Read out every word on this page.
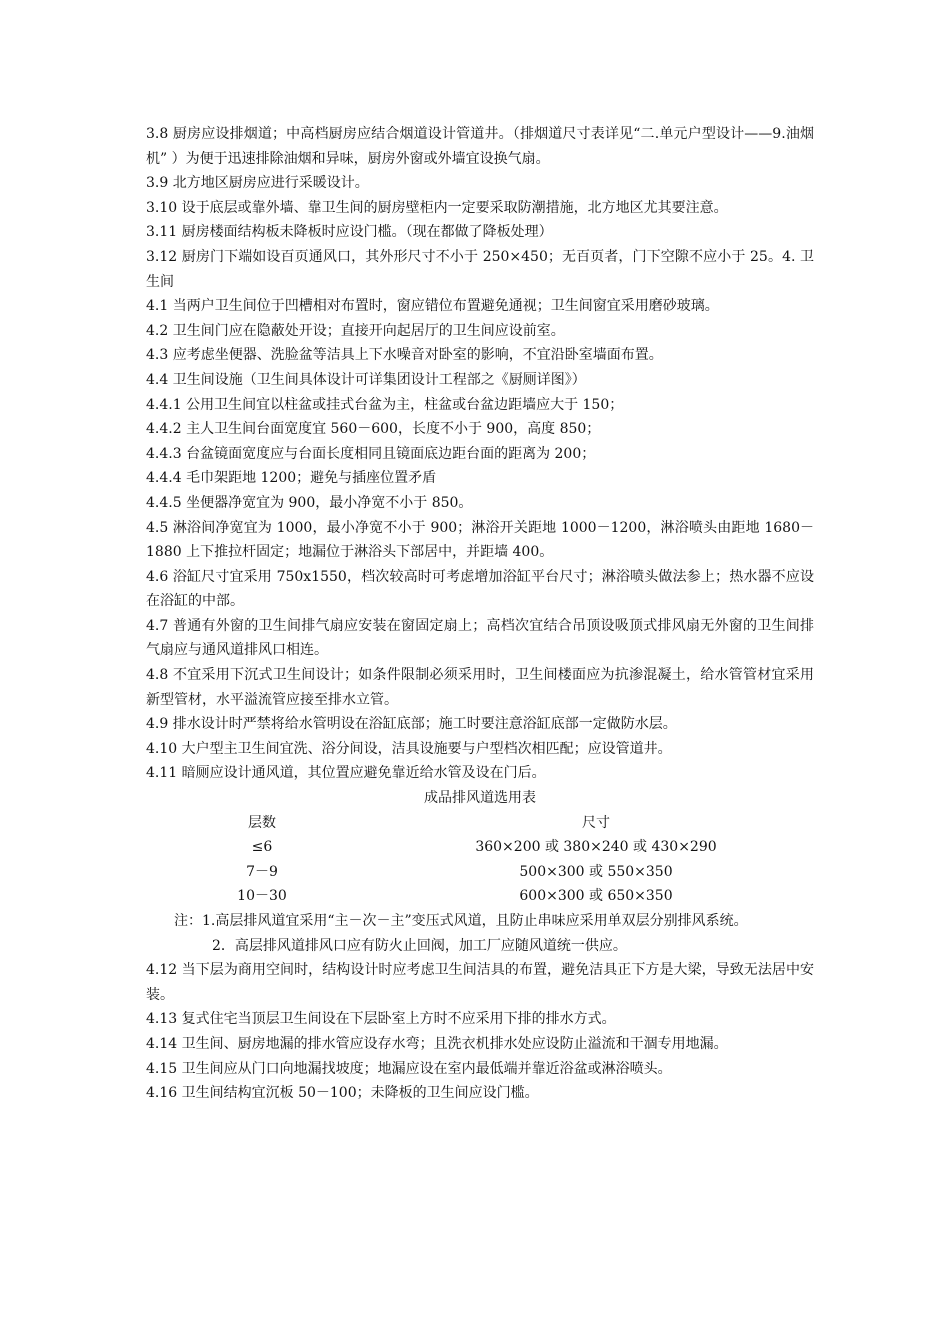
3.8 厨房应设排烟道；中高档厨房应结合烟道设计管道井。（排烟道尺寸表详见“二.单元户型设计——9.油烟机” ）为便于迅速排除油烟和异味，厨房外窗或外墙宜设换气扇。

3.9 北方地区厨房应进行采暖设计。

3.10 设于底层或靠外墙、靠卫生间的厨房壁柜内一定要采取防潮措施，北方地区尤其要注意。

3.11 厨房楼面结构板未降板时应设门槛。（现在都做了降板处理）

3.12 厨房门下端如设百页通风口，其外形尺寸不小于 250×450；无百页者，门下空隙不应小于 25。4. 卫生间

4.1 当两户卫生间位于凹槽相对布置时，窗应错位布置避免通视；卫生间窗宜采用磨砂玻璃。

4.2 卫生间门应在隐蔽处开设；直接开向起居厅的卫生间应设前室。

4.3 应考虑坐便器、洗脸盆等洁具上下水噪音对卧室的影响，不宜沿卧室墙面布置。

4.4 卫生间设施（卫生间具体设计可详集团设计工程部之《厨厕详图》）

4.4.1 公用卫生间宜以柱盆或挂式台盆为主，柱盆或台盆边距墙应大于 150；

4.4.2 主人卫生间台面宽度宜 560－600，长度不小于 900，高度 850；

4.4.3 台盆镜面宽度应与台面长度相同且镜面底边距台面的距离为 200；

4.4.4 毛巾架距地 1200；避免与插座位置矛盾

4.4.5 坐便器净宽宜为 900，最小净宽不小于 850。

4.5 淋浴间净宽宜为 1000，最小净宽不小于 900；淋浴开关距地 1000－1200，淋浴喷头由距地 1680－1880 上下推拉杆固定；地漏位于淋浴头下部居中，并距墙 400。

4.6 浴缸尺寸宜采用 750x1550，档次较高时可考虑增加浴缸平台尺寸；淋浴喷头做法参上；热水器不应设在浴缸的中部。

4.7 普通有外窗的卫生间排气扇应安装在窗固定扇上；高档次宜结合吊顶设吸顶式排风扇无外窗的卫生间排气扇应与通风道排风口相连。

4.8 不宜采用下沉式卫生间设计；如条件限制必须采用时，卫生间楼面应为抗渗混凝土，给水管管材宜采用新型管材，水平溢流管应接至排水立管。

4.9 排水设计时严禁将给水管明设在浴缸底部；施工时要注意浴缸底部一定做防水层。

4.10 大户型主卫生间宜洗、浴分间设，洁具设施要与户型档次相匹配；应设管道井。

4.11 暗厕应设计通风道，其位置应避免靠近给水管及设在门后。

成品排风道选用表

层数	尺寸
≤6	360×200 或 380×240 或 430×290
7－9	500×300 或 550×350
10－30	600×300 或 650×350

注：1.高层排风道宜采用“主－次－主”变压式风道，且防止串味应采用单双层分别排风系统。

2．高层排风道排风口应有防火止回阀，加工厂应随风道统一供应。

4.12 当下层为商用空间时，结构设计时应考虑卫生间洁具的布置，避免洁具正下方是大梁，导致无法居中安装。

4.13 复式住宅当顶层卫生间设在下层卧室上方时不应采用下排的排水方式。

4.14 卫生间、厨房地漏的排水管应设存水弯；且洗衣机排水处应设防止溢流和干涸专用地漏。

4.15 卫生间应从门口向地漏找坡度；地漏应设在室内最低端并靠近浴盆或淋浴喷头。

4.16 卫生间结构宜沉板 50－100；未降板的卫生间应设门槛。
